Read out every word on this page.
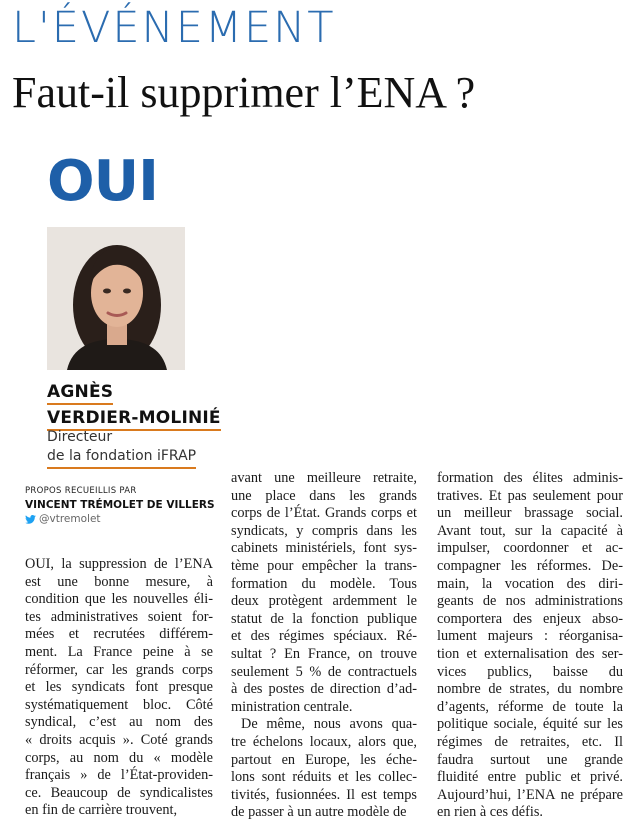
L'ÉVÉNEMENT
Faut-il supprimer l’ENA ?
OUI
AGNÈS
VERDIER-MOLINIÉ
Directeur
de la fondation iFRAP
PROPOS RECUEILLIS PAR
VINCENT TRÉMOLET DE VILLERS
@vtremolet
OUI, la suppression de l’ENA
est une bonne mesure, à
condition que les nouvelles éli-
tes administratives soient for-
mées et recrutées différem-
ment. La France peine à se
réformer, car les grands corps
et les syndicats font presque
systématiquement bloc. Côté
syndical, c’est au nom des
« droits acquis ». Coté grands
corps, au nom du « modèle
français » de l’État-providen-
ce. Beaucoup de syndicalistes
en fin de carrière trouvent,
avant une meilleure retraite,
une place dans les grands
corps de l’État. Grands corps et
syndicats, y compris dans les
cabinets ministériels, font sys-
tème pour empêcher la trans-
formation du modèle. Tous
deux protègent ardemment le
statut de la fonction publique
et des régimes spéciaux. Ré-
sultat ? En France, on trouve
seulement 5 % de contractuels
à des postes de direction d’ad-
ministration centrale.
De même, nous avons qua-
tre échelons locaux, alors que,
partout en Europe, les éche-
lons sont réduits et les collec-
tivités, fusionnées. Il est temps
de passer à un autre modèle de
formation des élites adminis-
tratives. Et pas seulement pour
un meilleur brassage social.
Avant tout, sur la capacité à
impulser, coordonner et ac-
compagner les réformes. De-
main, la vocation des diri-
geants de nos administrations
comportera des enjeux abso-
lument majeurs : réorganisa-
tion et externalisation des ser-
vices publics, baisse du
nombre de strates, du nombre
d’agents, réforme de toute la
politique sociale, équité sur les
régimes de retraites, etc. Il
faudra surtout une grande
fluidité entre public et privé.
Aujourd’hui, l’ENA ne prépare
en rien à ces défis.
